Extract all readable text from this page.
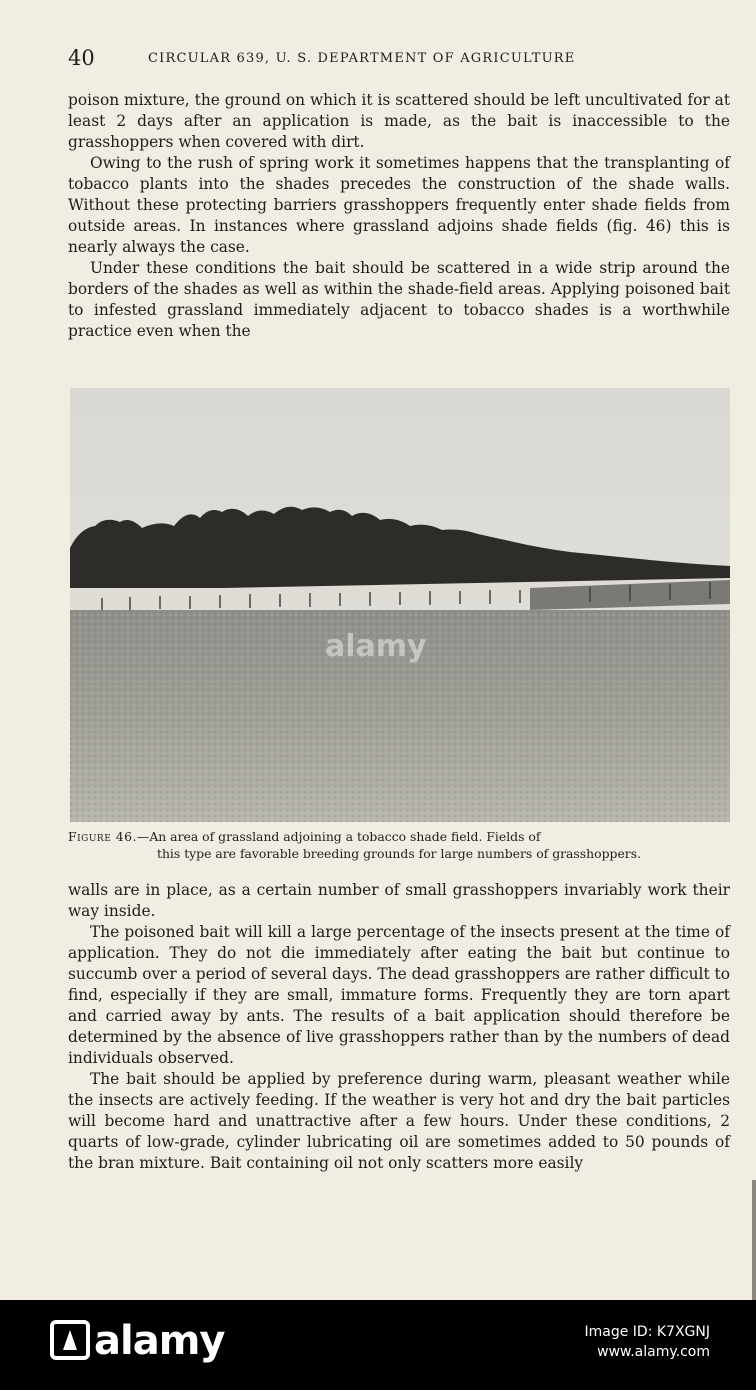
40	CIRCULAR 639, U. S. DEPARTMENT OF AGRICULTURE

poison mixture, the ground on which it is scattered should be left uncultivated for at least 2 days after an application is made, as the bait is inaccessible to the grasshoppers when covered with dirt.

Owing to the rush of spring work it sometimes happens that the transplanting of tobacco plants into the shades precedes the construction of the shade walls. Without these protecting barriers grasshoppers frequently enter shade fields from outside areas. In instances where grassland adjoins shade fields (fig. 46) this is nearly always the case.

Under these conditions the bait should be scattered in a wide strip around the borders of the shades as well as within the shade-field areas. Applying poisoned bait to infested grassland immediately adjacent to tobacco shades is a worthwhile practice even when the

alamy
Figure 46.—An area of grassland adjoining a tobacco shade field. Fields of
this type are favorable breeding grounds for large numbers of grasshoppers.

walls are in place, as a certain number of small grasshoppers invariably work their way inside.

The poisoned bait will kill a large percentage of the insects present at the time of application. They do not die immediately after eating the bait but continue to succumb over a period of several days. The dead grasshoppers are rather difficult to find, especially if they are small, immature forms. Frequently they are torn apart and carried away by ants. The results of a bait application should therefore be determined by the absence of live grasshoppers rather than by the numbers of dead individuals observed.

The bait should be applied by preference during warm, pleasant weather while the insects are actively feeding. If the weather is very hot and dry the bait particles will become hard and unattractive after a few hours. Under these conditions, 2 quarts of low-grade, cylinder lubricating oil are sometimes added to 50 pounds of the bran mixture. Bait containing oil not only scatters more easily

alamy	Image ID: K7XGNJ
www.alamy.com
